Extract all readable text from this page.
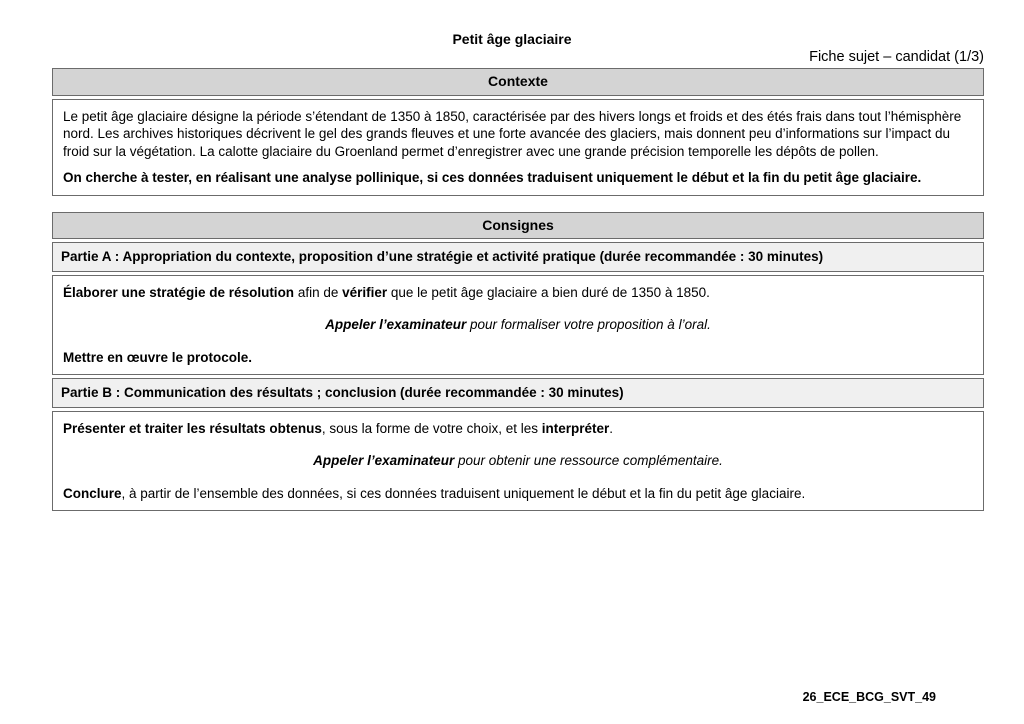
Petit âge glaciaire
Fiche sujet – candidat (1/3)
Contexte

Le petit âge glaciaire désigne la période s’étendant de 1350 à 1850, caractérisée par des hivers longs et froids et des étés frais dans tout l’hémisphère nord. Les archives historiques décrivent le gel des grands fleuves et une forte avancée des glaciers, mais donnent peu d’informations sur l’impact du froid sur la végétation. La calotte glaciaire du Groenland permet d’enregistrer avec une grande précision temporelle les dépôts de pollen.

On cherche à tester, en réalisant une analyse pollinique, si ces données traduisent uniquement le début et la fin du petit âge glaciaire.

Consignes
Partie A : Appropriation du contexte, proposition d’une stratégie et activité pratique (durée recommandée : 30 minutes)

Élaborer une stratégie de résolution afin de vérifier que le petit âge glaciaire a bien duré de 1350 à 1850.

Appeler l’examinateur pour formaliser votre proposition à l’oral.

Mettre en œuvre le protocole.

Partie B : Communication des résultats ; conclusion (durée recommandée : 30 minutes)

Présenter et traiter les résultats obtenus, sous la forme de votre choix, et les interpréter.

Appeler l’examinateur pour obtenir une ressource complémentaire.

Conclure, à partir de l’ensemble des données, si ces données traduisent uniquement le début et la fin du petit âge glaciaire.

26_ECE_BCG_SVT_49
